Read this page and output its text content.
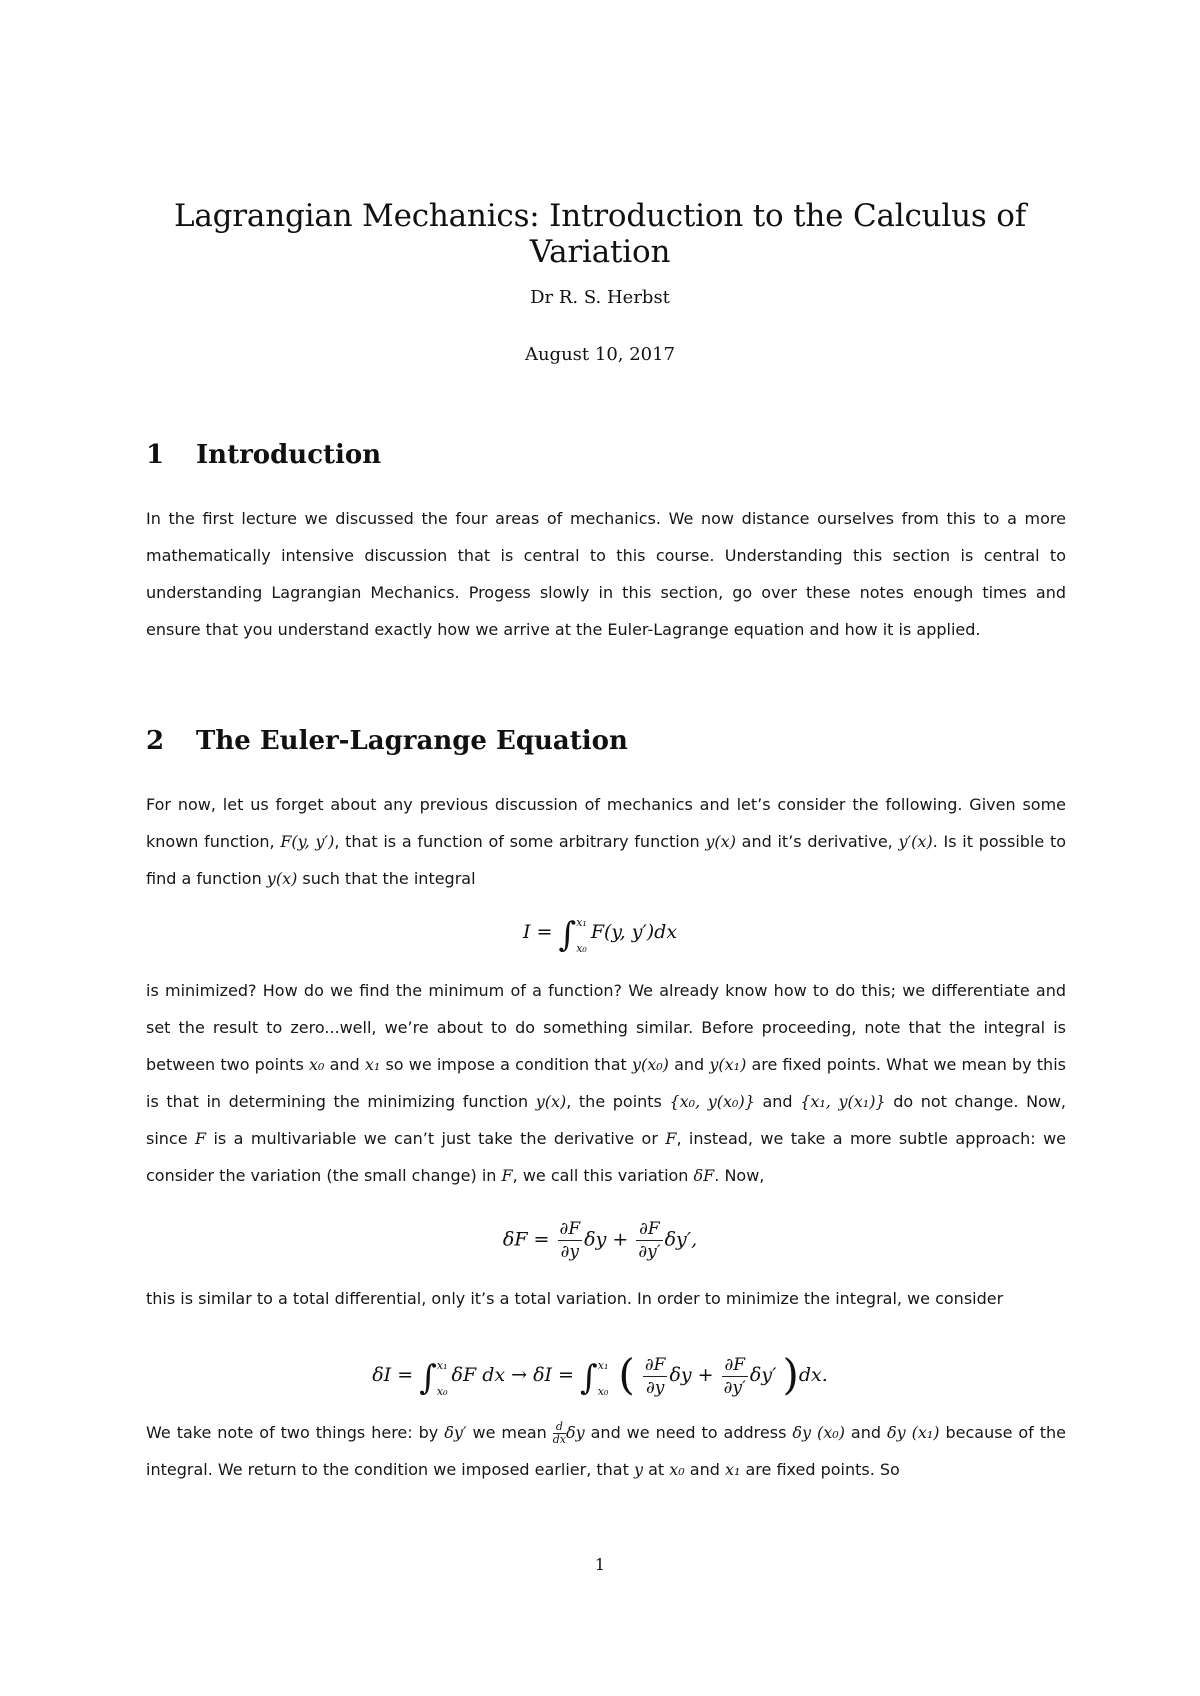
Lagrangian Mechanics: Introduction to the Calculus of Variation
Dr R. S. Herbst
August 10, 2017
1 Introduction
In the first lecture we discussed the four areas of mechanics. We now distance ourselves from this to a more mathematically intensive discussion that is central to this course. Understanding this section is central to understanding Lagrangian Mechanics. Progess slowly in this section, go over these notes enough times and ensure that you understand exactly how we arrive at the Euler-Lagrange equation and how it is applied.
2 The Euler-Lagrange Equation
For now, let us forget about any previous discussion of mechanics and let’s consider the following. Given some known function, F(y, y′), that is a function of some arbitrary function y(x) and it’s derivative, y′(x). Is it possible to find a function y(x) such that the integral
I = ∫ x₁
x₀
F(y, y′)dx
is minimized? How do we find the minimum of a function? We already know how to do this; we differentiate and set the result to zero...well, we’re about to do something similar. Before proceeding, note that the integral is between two points x₀ and x₁ so we impose a condition that y(x₀) and y(x₁) are fixed points. What we mean by this is that in determining the minimizing function y(x), the points {x₀, y(x₀)} and {x₁, y(x₁)} do not change. Now, since F is a multivariable we can’t just take the derivative or F, instead, we take a more subtle approach: we consider the variation (the small change) in F, we call this variation δF. Now,
$\delta F = \frac{\partial F}{\partial y}$ $\delta y + \frac{\partial F}{\partial y'} \delta y'$,
this is similar to a total differential, only it’s a total variation. In order to minimize the integral, we consider
δI = ∫ x₁
x₀
δF dx → δI = ∫ x₁
x₀ ( $\frac{\partial F}{\partial y}$ $\delta y + \frac{\partial F}{\partial y'} \delta y'$ )dx.
We take note of two things here: by δy′ we mean $\frac{d}{dx}$ δy and we need to address δy (x₀) and δy (x₁) because of the integral. We return to the condition we imposed earlier, that y at x₀ and x₁ are fixed points. So
1
